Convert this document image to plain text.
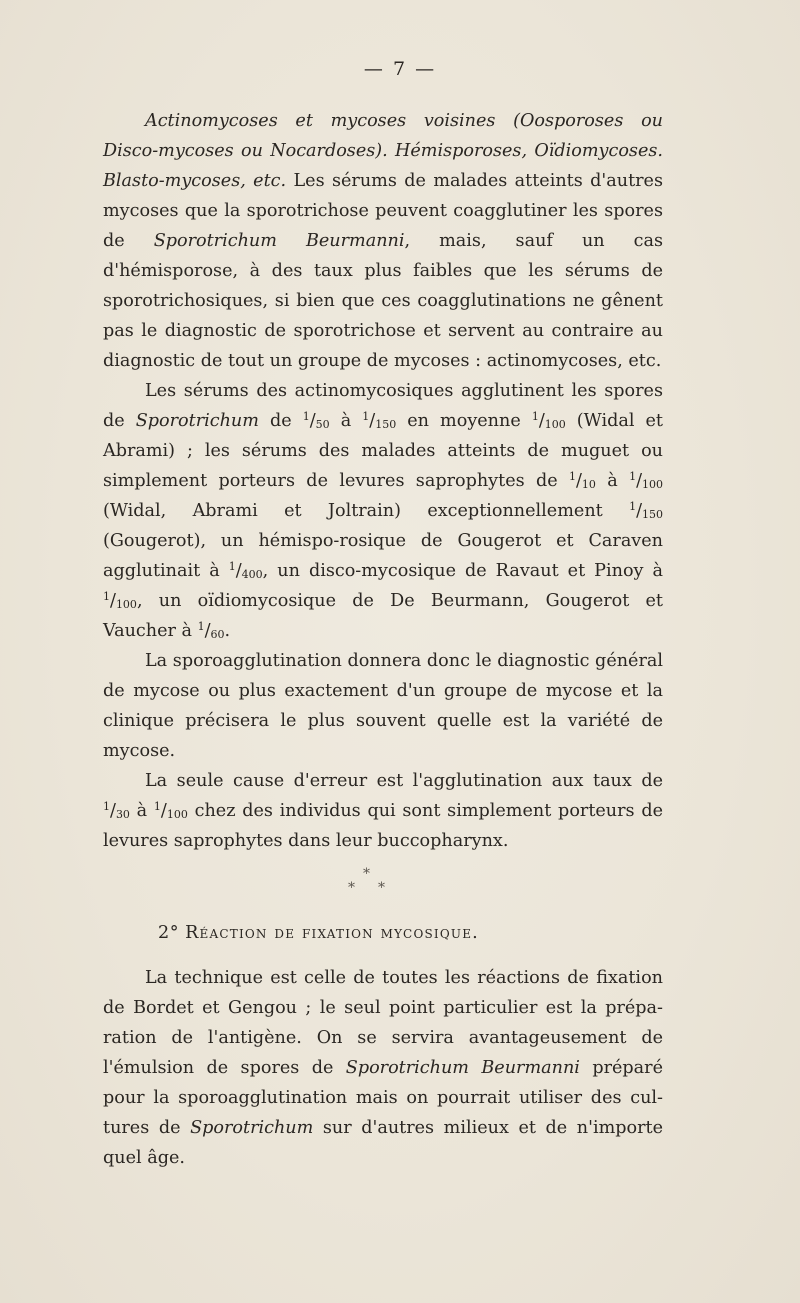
— 7 —

Actinomycoses et mycoses voisines (Oosporoses ou Disco-mycoses ou Nocardoses). Hémisporoses, Oïdiomycoses. Blasto-mycoses, etc. Les sérums de malades atteints d'autres mycoses que la sporotrichose peuvent coagglutiner les spores de Sporotrichum Beurmanni, mais, sauf un cas d'hémisporose, à des taux plus faibles que les sérums de sporotrichosiques, si bien que ces coagglutinations ne gênent pas le diagnostic de sporotrichose et servent au contraire au diagnostic de tout un groupe de mycoses : actinomycoses, etc.

Les sérums des actinomycosiques agglutinent les spores de Sporotrichum de $^1/_{50}$ à $^1/_{150}$ en moyenne $^1/_{100}$ (Widal et Abrami) ; les sérums des malades atteints de muguet ou simplement porteurs de levures saprophytes de $^1/_{10}$ à $^1/_{100}$ (Widal, Abrami et Joltrain) exceptionnellement $^1/_{150}$ (Gougerot), un hémispo-rosique de Gougerot et Caraven agglutinait à $^1/_{400}$, un disco-mycosique de Ravaut et Pinoy à $^1/_{100}$, un oïdiomycosique de De Beurmann, Gougerot et Vaucher à $^1/_{60}$.

La sporoagglutination donnera donc le diagnostic général de mycose ou plus exactement d'un groupe de mycose et la clinique précisera le plus souvent quelle est la variété de mycose.

La seule cause d'erreur est l'agglutination aux taux de $^1/_{30}$ à $^1/_{100}$ chez des individus qui sont simplement porteurs de levures saprophytes dans leur buccopharynx.

*
* *
2° Réaction de fixation mycosique.

La technique est celle de toutes les réactions de fixation de Bordet et Gengou ; le seul point particulier est la prépa-ration de l'antigène. On se servira avantageusement de l'émulsion de spores de Sporotrichum Beurmanni préparé pour la sporoagglutination mais on pourrait utiliser des cul-tures de Sporotrichum sur d'autres milieux et de n'importe quel âge.
